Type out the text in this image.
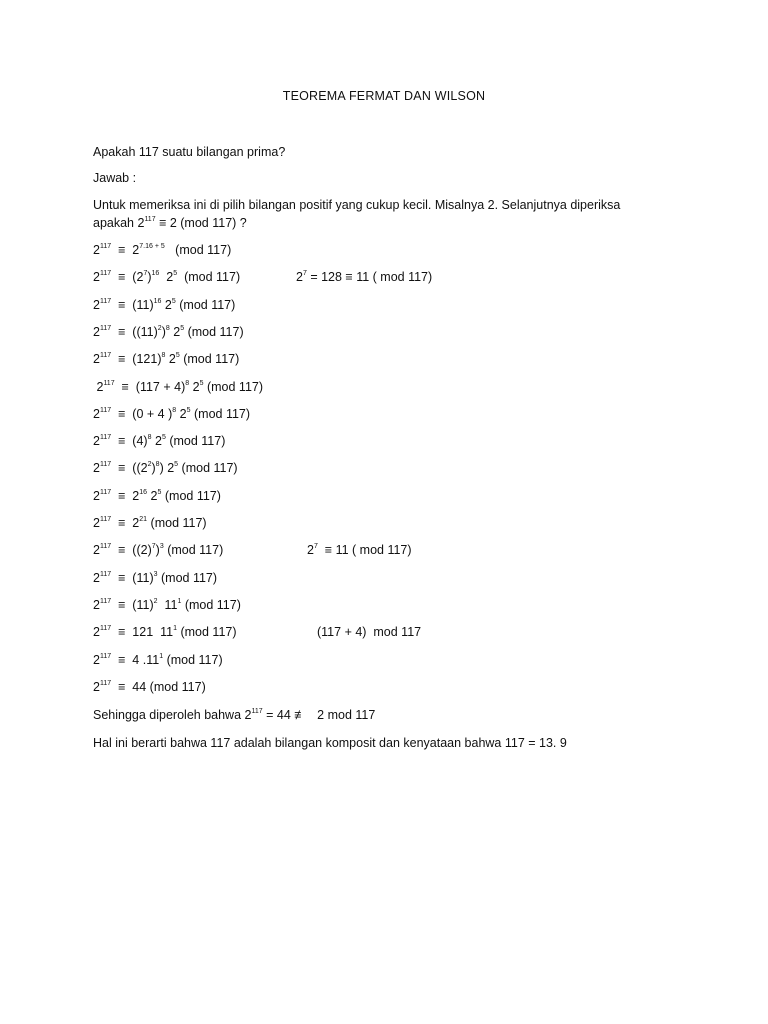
TEOREMA FERMAT DAN WILSON
Apakah 117 suatu bilangan prima?
Jawab :
Untuk memeriksa ini di pilih bilangan positif yang cukup kecil. Misalnya 2. Selanjutnya diperiksa
apakah $2^{117} \equiv 2$ (mod 117) ?
$2^{117} \equiv 2^{7.16 + 5}$   (mod 117)
$2^{117} \equiv (2^7)^{16}$  $2^5$  (mod 117)
$2^{117} \equiv (11)^{16}$ $2^5$ (mod 117)
$2^{117} \equiv ((11)^2)^8$ $2^5$ (mod 117)
$2^{117} \equiv (121)^8$ $2^5$ (mod 117)
$2^{117} \equiv (117 + 4)^8$ $2^5$ (mod 117)
$2^{117} \equiv (0 + 4$ )$^8$ $2^5$ (mod 117)
$2^{117} \equiv (4)^8$ $2^5$ (mod 117)
$2^{117} \equiv ((2^2)^8)$ $2^5$ (mod 117)
$2^{117} \equiv 2^{16}$ $2^5$ (mod 117)
$2^{117} \equiv 2^{21}$ (mod 117)
$2^{117} \equiv ((2)^7)^3$ (mod 117)
$2^{117} \equiv (11)^3$ (mod 117)
$2^{117} \equiv (11)^2$  $11^1$ (mod 117)
$2^{117} \equiv 121$  $11^1$ (mod 117)
$2^{117} \equiv 4$ $.11^1$ (mod 117)
$2^{117} \equiv 44$ (mod 117)
$2^7 = 128 \equiv 11$ ( mod 117)
$2^7 \equiv 11$ ( mod 117)
(117 + 4)  mod 117
Sehingga diperoleh bahwa $2^{117} = 44$ ≢   2 mod 117
Hal ini berarti bahwa 117 adalah bilangan komposit dan kenyataan bahwa 117 = 13. 9
